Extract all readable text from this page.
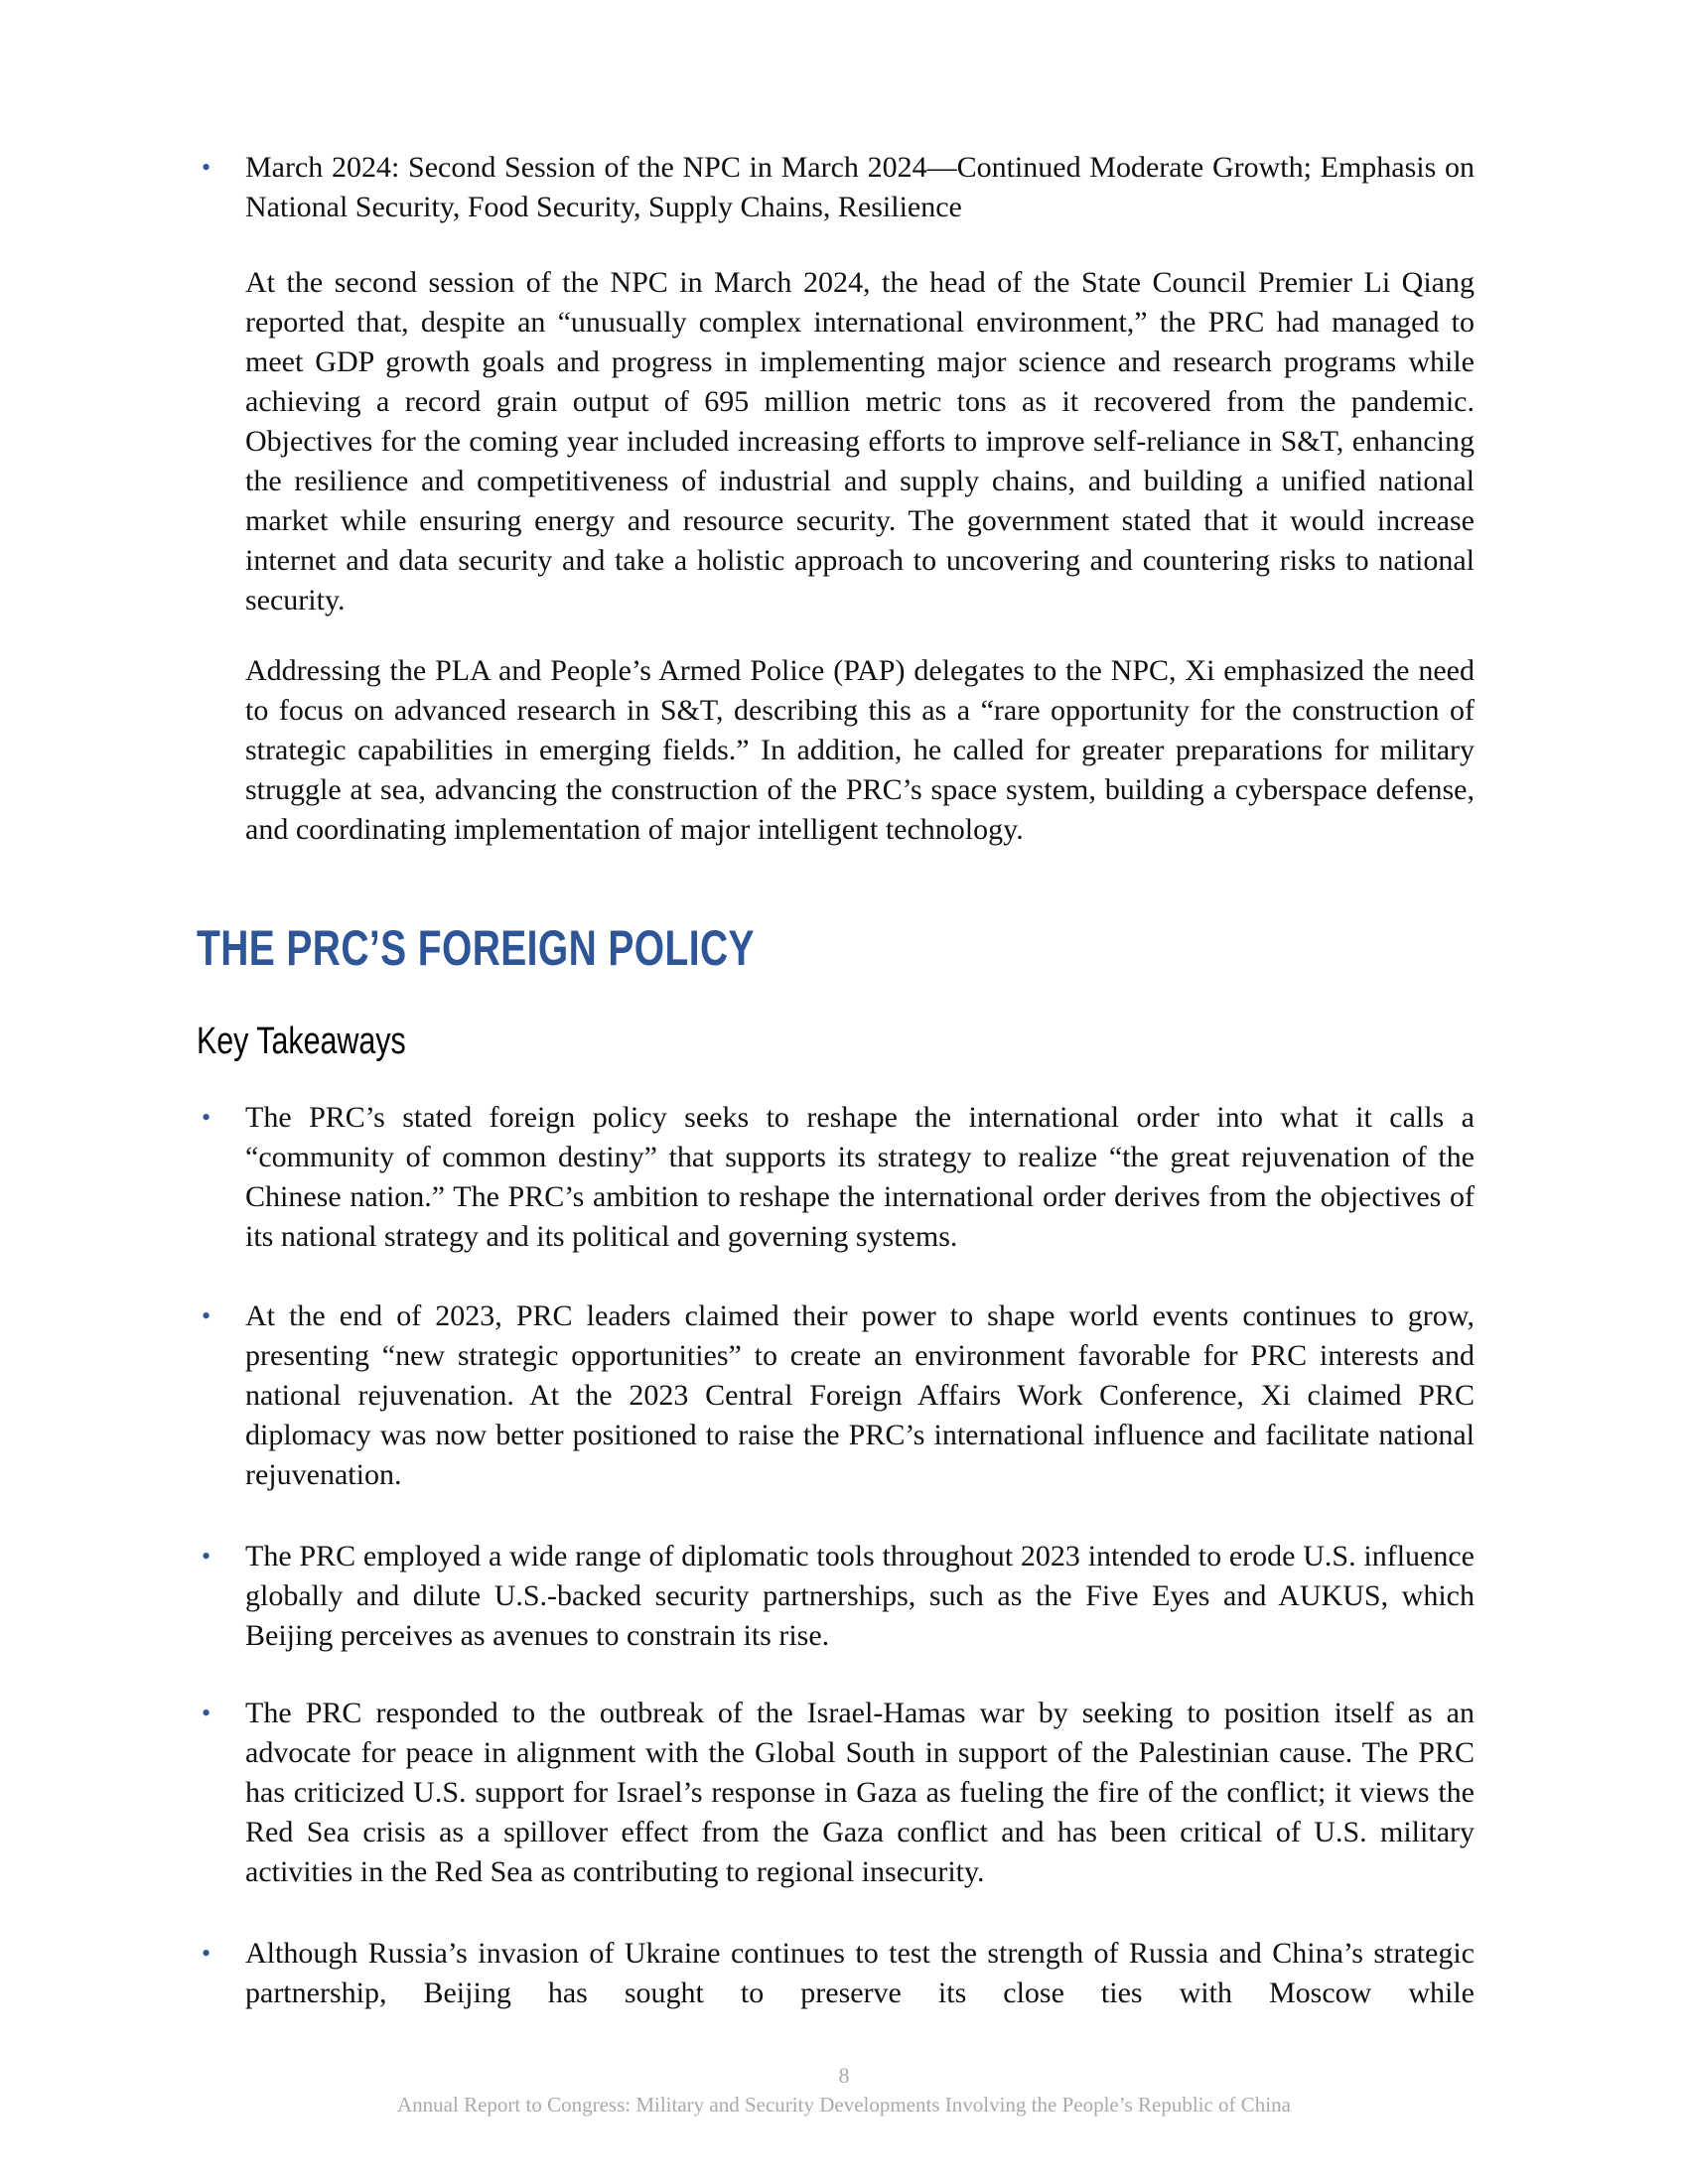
• March 2024: Second Session of the NPC in March 2024—Continued Moderate Growth; Emphasis on National Security, Food Security, Supply Chains, Resilience
At the second session of the NPC in March 2024, the head of the State Council Premier Li Qiang reported that, despite an “unusually complex international environment,” the PRC had managed to meet GDP growth goals and progress in implementing major science and research programs while achieving a record grain output of 695 million metric tons as it recovered from the pandemic. Objectives for the coming year included increasing efforts to improve self-reliance in S&T, enhancing the resilience and competitiveness of industrial and supply chains, and building a unified national market while ensuring energy and resource security. The government stated that it would increase internet and data security and take a holistic approach to uncovering and countering risks to national security.
Addressing the PLA and People’s Armed Police (PAP) delegates to the NPC, Xi emphasized the need to focus on advanced research in S&T, describing this as a “rare opportunity for the construction of strategic capabilities in emerging fields.” In addition, he called for greater preparations for military struggle at sea, advancing the construction of the PRC’s space system, building a cyberspace defense, and coordinating implementation of major intelligent technology.
THE PRC’S FOREIGN POLICY
Key Takeaways
• The PRC’s stated foreign policy seeks to reshape the international order into what it calls a “community of common destiny” that supports its strategy to realize “the great rejuvenation of the Chinese nation.” The PRC’s ambition to reshape the international order derives from the objectives of its national strategy and its political and governing systems.
• At the end of 2023, PRC leaders claimed their power to shape world events continues to grow, presenting “new strategic opportunities” to create an environment favorable for PRC interests and national rejuvenation. At the 2023 Central Foreign Affairs Work Conference, Xi claimed PRC diplomacy was now better positioned to raise the PRC’s international influence and facilitate national rejuvenation.
• The PRC employed a wide range of diplomatic tools throughout 2023 intended to erode U.S. influence globally and dilute U.S.-backed security partnerships, such as the Five Eyes and AUKUS, which Beijing perceives as avenues to constrain its rise.
• The PRC responded to the outbreak of the Israel-Hamas war by seeking to position itself as an advocate for peace in alignment with the Global South in support of the Palestinian cause. The PRC has criticized U.S. support for Israel’s response in Gaza as fueling the fire of the conflict; it views the Red Sea crisis as a spillover effect from the Gaza conflict and has been critical of U.S. military activities in the Red Sea as contributing to regional insecurity.
• Although Russia’s invasion of Ukraine continues to test the strength of Russia and China’s strategic partnership, Beijing has sought to preserve its close ties with Moscow while
8
Annual Report to Congress: Military and Security Developments Involving the People’s Republic of China
